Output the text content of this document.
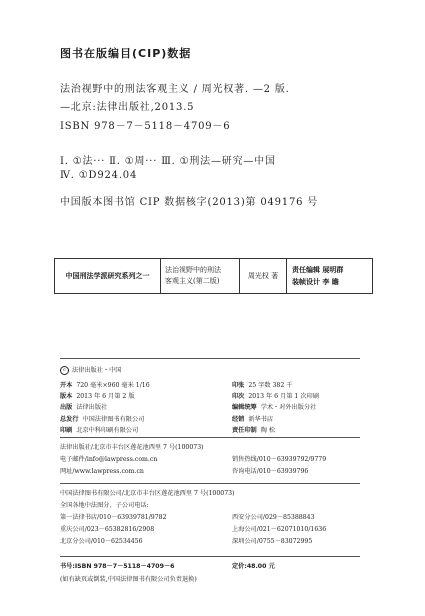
图书在版编目(CIP)数据
法治视野中的刑法客观主义 / 周光权著. —2 版.
—北京:法律出版社,2013.5
ISBN 978－7－5118－4709－6
Ⅰ. ①法··· Ⅱ. ①周··· Ⅲ. ①刑法—研究—中国
Ⅳ. ①D924.04
中国版本图书馆 CIP 数据核字(2013)第 049176 号
中国刑法学派研究系列之一
法治视野中的刑法
客观主义(第二版)
周光权 著
责任编辑 展明群
装帧设计 李 瞻
c 法律出版社・中国
开本 720 毫米×960 毫米 1/16
版本 2013 年 6 月第 2 版
出版 法律出版社
总发行 中国法律图书有限公司
印刷 北京中科印刷有限公司
印张 25 字数 382 千
印次 2013 年 6 月第 1 次印刷
编辑统筹 学术・对外出版分社
经销 新华书店
责任印制 陶 松
法律出版社/北京市丰台区莲花池西里 7 号(100073)
电子邮件/info@lawpress.com.cn
网址/www.lawpress.com.cn
销售热线/010－63939792/9779
咨询电话/010－63939796
中国法律图书有限公司/北京市丰台区莲花池西里 7 号(100073)
全国各地中法图分、子公司电话:
第一法律书店/010－63939781/9782
重庆公司/023－65382816/2908
北京分公司/010－62534456
西安分公司/029－85388843
上海公司/021－62071010/1636
深圳公司/0755－83072995
书号:ISBN 978－7－5118－4709－6	定价:48.00 元
(如有缺页或倒装,中国法律图书有限公司负责退换)
